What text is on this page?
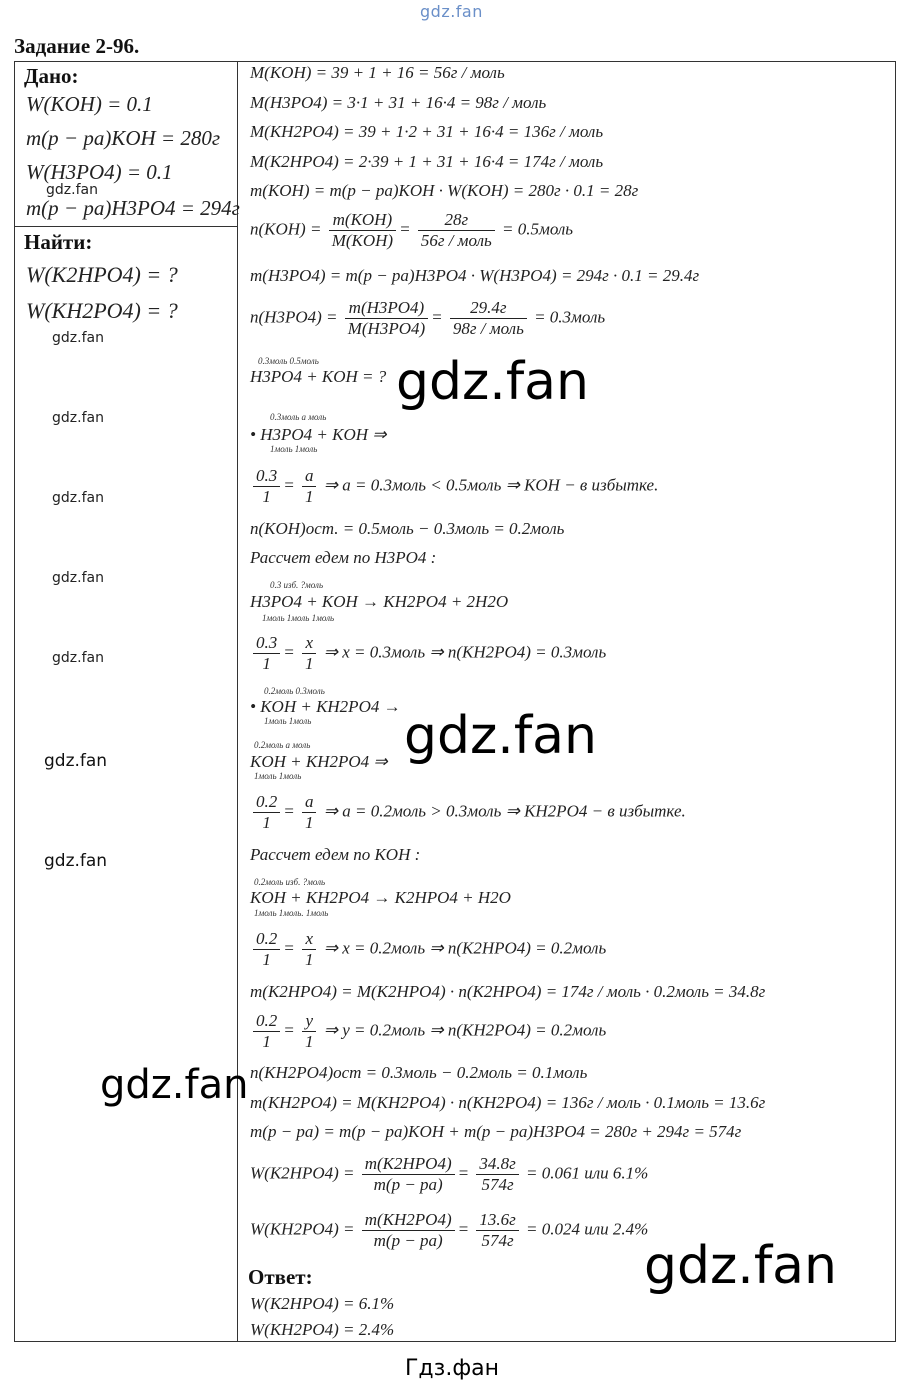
gdz.fan
Задание 2-96.
Дано:
W(KOH) = 0.1
m(p − pa)KOH = 280г
W(H3PO4) = 0.1
m(p − pa)H3PO4 = 294г
Найти:
W(K2HPO4) = ?
W(KH2PO4) = ?
gdz.fan
gdz.fan
gdz.fan
gdz.fan
gdz.fan
gdz.fan
gdz.fan
gdz.fan
M(KOH) = 39 + 1 + 16 = 56г / моль
M(H3PO4) = 3·1 + 31 + 16·4 = 98г / моль
M(KH2PO4) = 39 + 1·2 + 31 + 16·4 = 136г / моль
M(K2HPO4) = 2·39 + 1 + 31 + 16·4 = 174г / моль
m(KOH) = m(p − pa)KOH · W(KOH) = 280г · 0.1 = 28г
$n(KOH) = \frac{\text{m(KOH)}}{\text{M(KOH)}} = \frac{28г}{\text{56г / моль}}$ = 0.5моль
m(H3PO4) = m(p − pa)H3PO4 · W(H3PO4) = 294г · 0.1 = 29.4г
$n(H3PO4) = \frac{m(H3PO4)}{M(H3PO4)} = \frac{29.4г}{\text{98г / моль}}$ = 0.3моль
0.3моль 0.5моль
H3PO4 + KOH = ?
0.3моль a моль
• H3PO4 + KOH ⇒
1моль 1моль
$\frac{0.3}{1} = \frac{a}{1}$ ⇒ a = 0.3моль < 0.5моль ⇒ KOH − в избытке.
n(KOH)ост. = 0.5моль − 0.3моль = 0.2моль
Рассчет едем по H3PO4 :
0.3 изб. ?моль
H3PO4 + KOH → KH2PO4 + 2H2O
1моль 1моль 1моль
$\frac{0.3}{1} = \frac{x}{1}$ ⇒ x = 0.3моль ⇒ n(KH2PO4) = 0.3моль
0.2моль 0.3моль
• KOH + KH2PO4 →
1моль 1моль
0.2моль a моль
KOH + KH2PO4 ⇒
1моль 1моль
$\frac{0.2}{1} = \frac{a}{1}$ ⇒ a = 0.2моль > 0.3моль ⇒ KH2PO4 − в избытке.
Рассчет едем по KOH :
0.2моль изб. ?моль
KOH + KH2PO4 → K2HPO4 + H2O
1моль 1моль. 1моль
$\frac{0.2}{1} = \frac{x}{1}$ ⇒ x = 0.2моль ⇒ n(K2HPO4) = 0.2моль
m(K2HPO4) = M(K2HPO4) · n(K2HPO4) = 174г / моль · 0.2моль = 34.8г
$\frac{0.2}{1} = \frac{y}{1}$ ⇒ y = 0.2моль ⇒ n(KH2PO4) = 0.2моль
n(KH2PO4)ост = 0.3моль − 0.2моль = 0.1моль
m(KH2PO4) = M(KH2PO4) · n(KH2PO4) = 136г / моль · 0.1моль = 13.6г
m(p − pa) = m(p − pa)KOH + m(p − pa)H3PO4 = 280г + 294г = 574г
$W(K2HPO4) = \frac{\text{m(K2HPO4)}}{m(p - pa)} = \frac{34.8г}{574г} = 0.061$ или 6.1%
$W(KH2PO4) = \frac{m(KH2PO4)}{m(p - pa)} = \frac{13.6г}{574г} = 0.024$ или 2.4%
Ответ:
W(K2HPO4) = 6.1%
W(KH2PO4) = 2.4%
gdz.fan
gdz.fan
gdz.fan
gdz.fan
Гдз.фан
